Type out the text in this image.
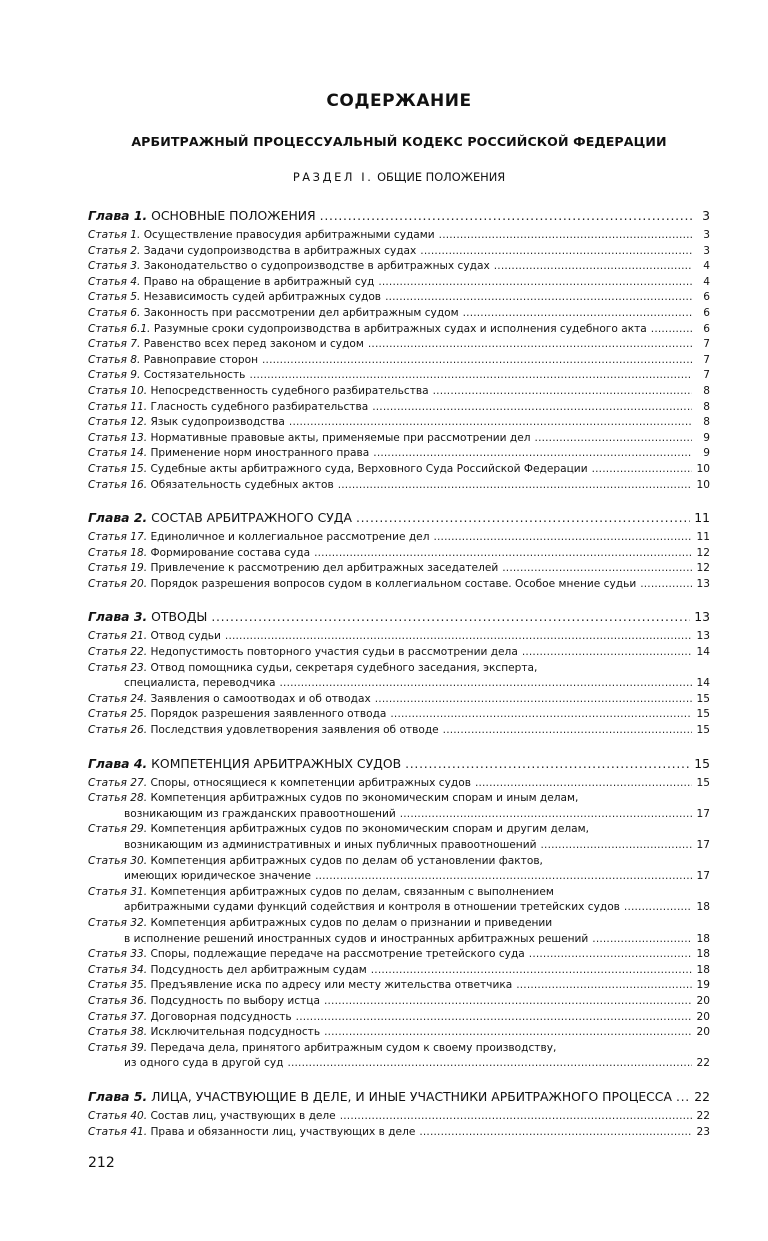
СОДЕРЖАНИЕ
АРБИТРАЖНЫЙ ПРОЦЕССУАЛЬНЫЙ КОДЕКС РОССИЙСКОЙ ФЕДЕРАЦИИ
РАЗДЕЛ I. ОБЩИЕ ПОЛОЖЕНИЯ
Глава 1. ОСНОВНЫЕ ПОЛОЖЕНИЯ . . .	3
Статья 1. Осуществление правосудия арбитражными судами . . .	3
Статья 2. Задачи судопроизводства в арбитражных судах . . .	3
Статья 3. Законодательство о судопроизводстве в арбитражных судах . . .	4
Статья 4. Право на обращение в арбитражный суд . . .	4
Статья 5. Независимость судей арбитражных судов . . .	6
Статья 6. Законность при рассмотрении дел арбитражным судом . . .	6
Статья 6.1. Разумные сроки судопроизводства в арбитражных судах и исполнения судебного акта . . .	6
Статья 7. Равенство всех перед законом и судом . . .	7
Статья 8. Равноправие сторон . . .	7
Статья 9. Состязательность . . .	7
Статья 10. Непосредственность судебного разбирательства . . .	8
Статья 11. Гласность судебного разбирательства . . .	8
Статья 12. Язык судопроизводства . . .	8
Статья 13. Нормативные правовые акты, применяемые при рассмотрении дел . . .	9
Статья 14. Применение норм иностранного права . . .	9
Статья 15. Судебные акты арбитражного суда, Верховного Суда Российской Федерации . . .	10
Статья 16. Обязательность судебных актов . . .	10
Глава 2. СОСТАВ АРБИТРАЖНОГО СУДА . . .	11
Статья 17. Единоличное и коллегиальное рассмотрение дел . . .	11
Статья 18. Формирование состава суда . . .	12
Статья 19. Привлечение к рассмотрению дел арбитражных заседателей . . .	12
Статья 20. Порядок разрешения вопросов судом в коллегиальном составе. Особое мнение судьи . . .	13
Глава 3. ОТВОДЫ . . .	13
Статья 21. Отвод судьи . . .	13
Статья 22. Недопустимость повторного участия судьи в рассмотрении дела . . .	14
Статья 23. Отвод помощника судьи, секретаря судебного заседания, эксперта,
специалиста, переводчика . . .	14
Статья 24. Заявления о самоотводах и об отводах . . .	15
Статья 25. Порядок разрешения заявленного отвода . . .	15
Статья 26. Последствия удовлетворения заявления об отводе . . .	15
Глава 4. КОМПЕТЕНЦИЯ АРБИТРАЖНЫХ СУДОВ . . .	15
Статья 27. Споры, относящиеся к компетенции арбитражных судов . . .	15
Статья 28. Компетенция арбитражных судов по экономическим спорам и иным делам,
возникающим из гражданских правоотношений . . .	17
Статья 29. Компетенция арбитражных судов по экономическим спорам и другим делам,
возникающим из административных и иных публичных правоотношений . . .	17
Статья 30. Компетенция арбитражных судов по делам об установлении фактов,
имеющих юридическое значение . . .	17
Статья 31. Компетенция арбитражных судов по делам, связанным с выполнением
арбитражными судами функций содействия и контроля в отношении третейских судов . . .	18
Статья 32. Компетенция арбитражных судов по делам о признании и приведении
в исполнение решений иностранных судов и иностранных арбитражных решений . . .	18
Статья 33. Споры, подлежащие передаче на рассмотрение третейского суда . . .	18
Статья 34. Подсудность дел арбитражным судам . . .	18
Статья 35. Предъявление иска по адресу или месту жительства ответчика . . .	19
Статья 36. Подсудность по выбору истца . . .	20
Статья 37. Договорная подсудность . . .	20
Статья 38. Исключительная подсудность . . .	20
Статья 39. Передача дела, принятого арбитражным судом к своему производству,
из одного суда в другой суд . . .	22
Глава 5. ЛИЦА, УЧАСТВУЮЩИЕ В ДЕЛЕ, И ИНЫЕ УЧАСТНИКИ АРБИТРАЖНОГО ПРОЦЕССА . . . 22
Статья 40. Состав лиц, участвующих в деле . . .	22
Статья 41. Права и обязанности лиц, участвующих в деле . . .	23
212
